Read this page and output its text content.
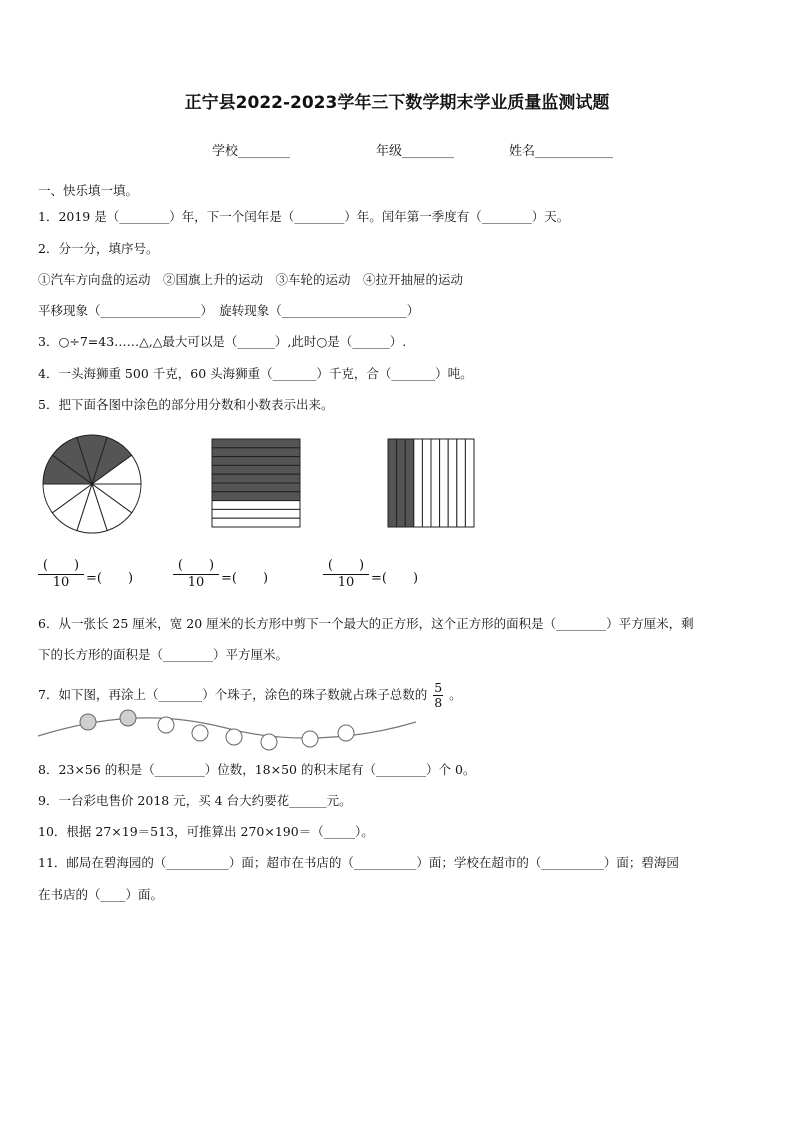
正宁县2022-2023学年三下数学期末学业质量监测试题
学校________	年级________	姓名____________
一、快乐填一填。
1．2019 是（________）年，下一个闰年是（________）年。闰年第一季度有（________）天。
2．分一分，填序号。
①汽车方向盘的运动　②国旗上升的运动　③车轮的运动　④拉开抽屉的运动
平移现象（________________）　旋转现象（____________________）
3．○÷7=43……△,△最大可以是（______）,此时○是（______）.
4．一头海狮重 500 千克，60 头海狮重（_______）千克，合（_______）吨。
5．把下面各图中涂色的部分用分数和小数表示出来。
(　　)
10	=(　　)
(　　)
10	=(　　)
(　　)
10	=(　　)
6．从一张长 25 厘米，宽 20 厘米的长方形中剪下一个最大的正方形，这个正方形的面积是（________）平方厘米，剩
下的长方形的面积是（________）平方厘米。
7．如下图，再涂上（_______）个珠子，涂色的珠子数就占珠子总数的 $\frac{5}{8}$ 。
8．23×56 的积是（________）位数，18×50 的积末尾有（________）个 0。
9．一台彩电售价 2018 元，买 4 台大约要花______元。
10．根据 27×19＝513，可推算出 270×190＝（_____）。
11．邮局在碧海园的（__________）面；超市在书店的（__________）面；学校在超市的（__________）面；碧海园
在书店的（____）面。
